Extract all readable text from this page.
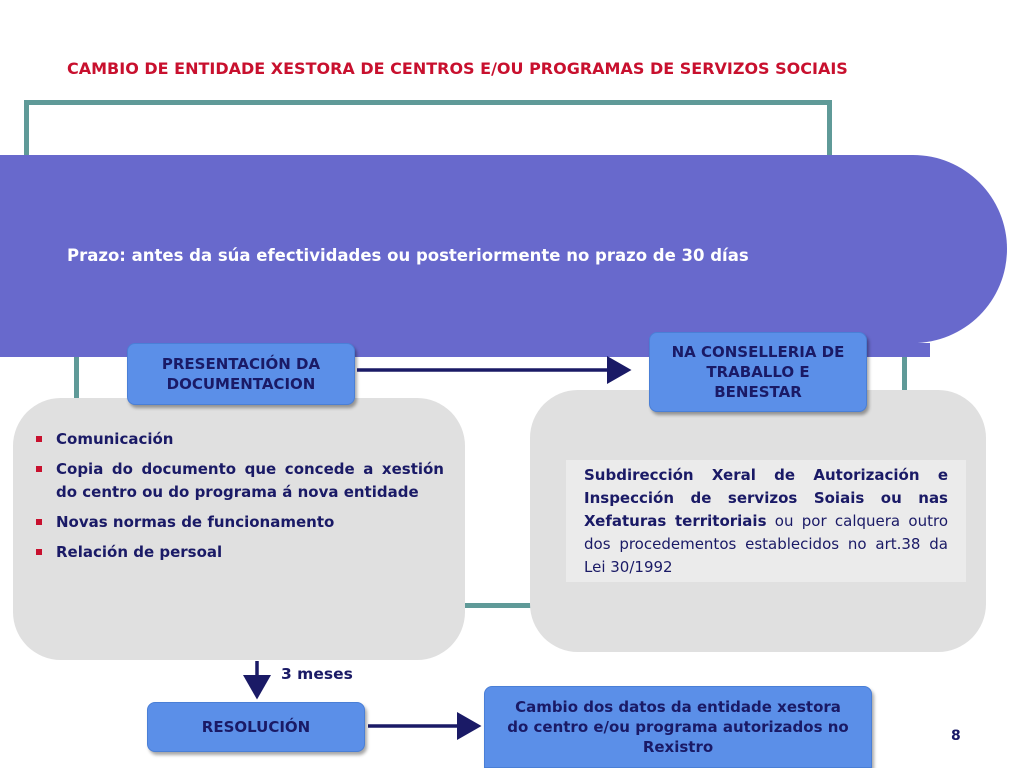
CAMBIO DE ENTIDADE XESTORA DE CENTROS E/OU PROGRAMAS DE SERVIZOS SOCIAIS
Prazo: antes da súa efectividades ou posteriormente no prazo de 30 días
PRESENTACIÓN DA DOCUMENTACION
NA CONSELLERIA DE TRABALLO E BENESTAR
Comunicación
Copia do documento que concede a xestión do centro ou do programa á nova entidade
Novas normas de funcionamento
Relación de persoal
Subdirección Xeral de Autorización e Inspección de servizos Soiais ou nas Xefaturas territoriais ou por calquera outro dos procedementos establecidos no art.38 da Lei 30/1992
3 meses
RESOLUCIÓN
Cambio dos datos da entidade xestora do centro e/ou programa autorizados no Rexistro
8
